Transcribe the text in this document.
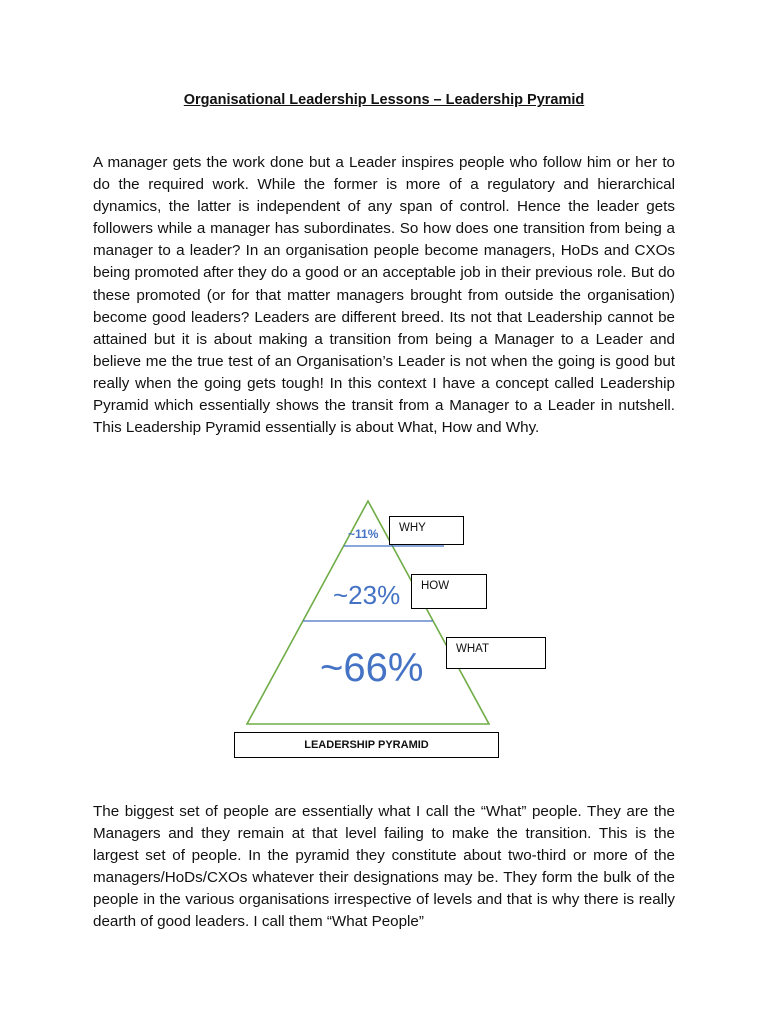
Organisational Leadership Lessons – Leadership Pyramid

A manager gets the work done but a Leader inspires people who follow him or her to do the required work. While the former is more of a regulatory and hierarchical dynamics, the latter is independent of any span of control. Hence the leader gets followers while a manager has subordinates. So how does one transition from being a manager to a leader? In an organisation people become managers, HoDs and CXOs being promoted after they do a good or an acceptable job in their previous role. But do these promoted (or for that matter managers brought from outside the organisation) become good leaders? Leaders are different breed. Its not that Leadership cannot be attained but it is about making a transition from being a Manager to a Leader and believe me the true test of an Organisation’s Leader is not when the going is good but really when the going gets tough! In this context I have a concept called Leadership Pyramid which essentially shows the transit from a Manager to a Leader in nutshell. This Leadership Pyramid essentially is about What, How and Why.

~11%
~23%
~66%
WHY
HOW
WHAT
LEADERSHIP PYRAMID

The biggest set of people are essentially what I call the “What” people. They are the Managers and they remain at that level failing to make the transition. This is the largest set of people. In the pyramid they constitute about two-third or more of the managers/HoDs/CXOs whatever their designations may be. They form the bulk of the people in the various organisations irrespective of levels and that is why there is really dearth of good leaders. I call them “What People”
